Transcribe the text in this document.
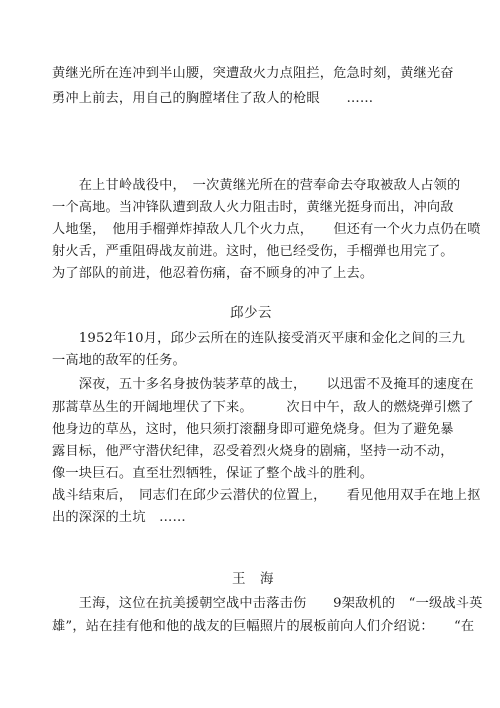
黄继光所在连冲到半山腰，突遭敌火力点阻拦，危急时刻，黄继光奋
勇冲上前去，用自己的胸膛堵住了敌人的枪眼　　……
　　在上甘岭战役中，　一次黄继光所在的营奉命去夺取被敌人占领的
一个高地。当冲锋队遭到敌人火力阻击时，黄继光挺身而出，冲向敌
人地堡，　他用手榴弹炸掉敌人几个火力点，　　但还有一个火力点仍在喷
射火舌，严重阻碍战友前进。这时，他已经受伤，手榴弹也用完了。
为了部队的前进，他忍着伤痛，奋不顾身的冲了上去。
邱少云
　　1952年10月，邱少云所在的连队接受消灭平康和金化之间的三九
一高地的敌军的任务。
　　深夜，五十多名身披伪装茅草的战士，　　以迅雷不及掩耳的速度在
那蒿草丛生的开阔地埋伏了下来。　　　次日中午，敌人的燃烧弹引燃了
他身边的草丛，这时，他只须打滚翻身即可避免烧身。但为了避免暴
露目标，他严守潜伏纪律，忍受着烈火烧身的剧痛，坚持一动不动，
像一块巨石。直至壮烈牺牲，保证了整个战斗的胜利。
战斗结束后，　同志们在邱少云潜伏的位置上，　　看见他用双手在地上抠
出的深深的土坑　……
王　海
　　王海，这位在抗美援朝空战中击落击伤　　9架敌机的　“一级战斗英
雄”，站在挂有他和他的战友的巨幅照片的展板前向人们介绍说：　　“在
